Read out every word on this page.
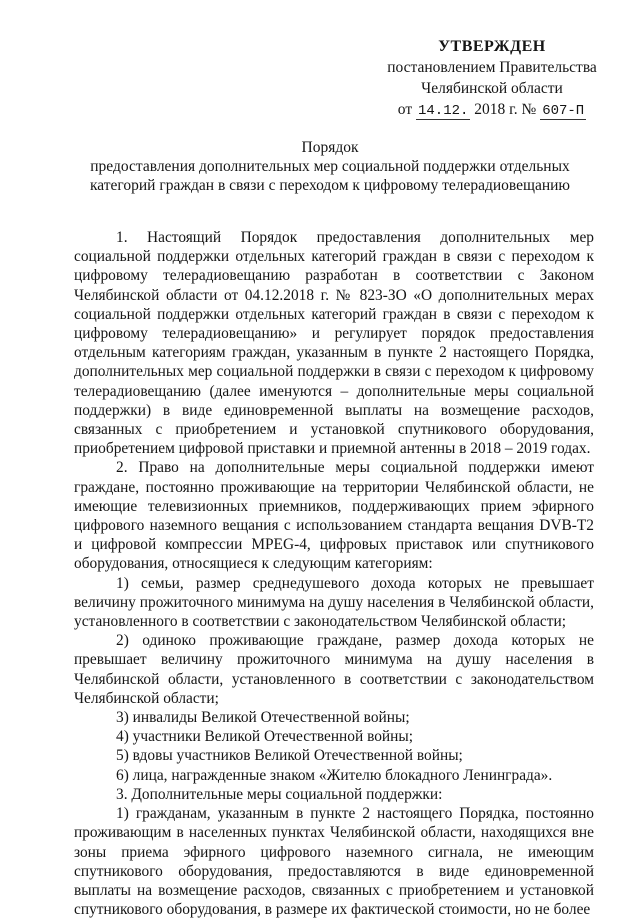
УТВЕРЖДЕН
постановлением Правительства
Челябинской области
от 14.12. 2018 г. № 607-П
Порядок
предоставления дополнительных мер социальной поддержки отдельных
категорий граждан в связи с переходом к цифровому телерадиовещанию

1. Настоящий Порядок предоставления дополнительных мер социальной поддержки отдельных категорий граждан в связи с переходом к цифровому телерадиовещанию разработан в соответствии с Законом Челябинской области от 04.12.2018 г. № 823-ЗО «О дополнительных мерах социальной поддержки отдельных категорий граждан в связи с переходом к цифровому телерадиовещанию» и регулирует порядок предоставления отдельным категориям граждан, указанным в пункте 2 настоящего Порядка, дополнительных мер социальной поддержки в связи с переходом к цифровому телерадиовещанию (далее именуются – дополнительные меры социальной поддержки) в виде единовременной выплаты на возмещение расходов, связанных с приобретением и установкой спутникового оборудования, приобретением цифровой приставки и приемной антенны в 2018 – 2019 годах.

2. Право на дополнительные меры социальной поддержки имеют граждане, постоянно проживающие на территории Челябинской области, не имеющие телевизионных приемников, поддерживающих прием эфирного цифрового наземного вещания с использованием стандарта вещания DVB-T2 и цифровой компрессии MPEG-4, цифровых приставок или спутникового оборудования, относящиеся к следующим категориям:

1) семьи, размер среднедушевого дохода которых не превышает величину прожиточного минимума на душу населения в Челябинской области, установленного в соответствии с законодательством Челябинской области;

2) одиноко проживающие граждане, размер дохода которых не превышает величину прожиточного минимума на душу населения в Челябинской области, установленного в соответствии с законодательством Челябинской области;

3) инвалиды Великой Отечественной войны;

4) участники Великой Отечественной войны;

5) вдовы участников Великой Отечественной войны;

6) лица, награжденные знаком «Жителю блокадного Ленинграда».

3. Дополнительные меры социальной поддержки:

1) гражданам, указанным в пункте 2 настоящего Порядка, постоянно проживающим в населенных пунктах Челябинской области, находящихся вне зоны приема эфирного цифрового наземного сигнала, не имеющим спутникового оборудования, предоставляются в виде единовременной выплаты на возмещение расходов, связанных с приобретением и установкой спутникового оборудования, в размере их фактической стоимости, но не более
